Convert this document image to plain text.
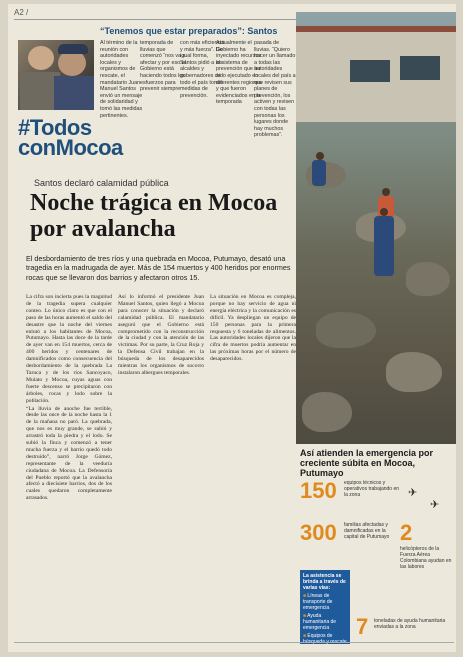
A2 /
“Tenemos que estar preparados”: Santos
Al término de la reunión con autoridades locales y organismos de rescate, el mandatario Juan Manuel Santos envió un mensaje de solidaridad y tomó las medidas pertinentes.
temporada de lluvias que comenzó “nos va a afectar y por eso el Gobierno está haciendo todos los esfuerzos para prevenir siempre
con más eficiencia y más fuerza”. De igual forma, Santos pidió a los alcaldes y gobernadores de todo el país tomar medidas de prevención.
Actualmente el Gobierno ha inyectado recursos al sistema de prevención que ha sido ejecutado en diferentes regiones y que fueron evidenciados en la temporada
pasada de lluvias. “Quiero hacer un llamado a todas las autoridades locales del país a que revisen sus planes de prevención, los activen y revisen con todas las personas los lugares donde hay muchos problemas”.
#Todos
conMocoa
Santos declaró calamidad pública
Noche trágica en Mocoa por avalancha
El desbordamiento de tres ríos y una quebrada en Mocoa, Putumayo, desató una tragedia en la madrugada de ayer. Más de 154 muertos y 400 heridos por enormes rocas que se llevaron dos barrios y afectaron otros 15.

La cifra son incierta pues la magnitud de la tragedia supera cualquier conteo. Lo único claro es que con el paso de las horas aumentó el saldo del desastre que la noche del viernes enlutó a los habitantes de Mocoa, Putumayo. Hasta las doce de la tarde de ayer van en 154 muertos, cerca de 400 heridos y centenares de damnificados como consecuencia del desbordamiento de la quebrada La Taruca y de los ríos Sancoyaco, Mulato y Mocoa, cuyas aguas con fuerte descenso se precipitaron con árboles, rocas y lodo sobre la población.

“La lluvia de anoche fue terrible, desde las once de la noche hasta la 1 de la mañana no paró. La quebrada, que nos es muy grande, se subió y arrastró toda la piedra y el lodo. Se subió la finca y comenzó a tener mucha fuerza y el barrio quedó todo destruido”, narró Jorge Gómez, representante de la veeduría ciudadana de Mocoa. La Defensoría del Pueblo reportó que la avalancha afectó a diecisiete barrios, dos de los cuales quedaron completamente arrasados.

Así lo informó el presidente Juan Manuel Santos, quien llegó a Mocoa para conocer la situación y declaró calamidad pública. El mandatario aseguró que el Gobierno está comprometido con la reconstrucción de la ciudad y con la atención de las víctimas. Por su parte, la Cruz Roja y la Defensa Civil trabajan en la búsqueda de los desaparecidos mientras los organismos de socorro instalaron albergues temporales.

La situación en Mocoa es compleja, porque no hay servicio de agua ni energía eléctrica y la comunicación es difícil. Ya despliegan un equipo de 150 personas para la primera respuesta y 6 toneladas de alimentos. Las autoridades locales dijeron que la cifra de muertos podría aumentar en las próximas horas por el número de desaparecidos.

Así atienden la emergencia por creciente súbita en Mocoa, Putumayo
150 equipos técnicos y operativos trabajando en la zona	✈
✈
300 familias afectadas y damnificadas en la capital de Putumayo 2
helicópteros de la Fuerza Aérea Colombiana ayudan en las labores
La asistencia se brinda a través de varias vías:
■ Líneas de transporte de emergencia
■ Ayuda humanitaria de emergencia
■ Equipos de	7 toneladas de ayuda humanitaria enviadas a la zona
